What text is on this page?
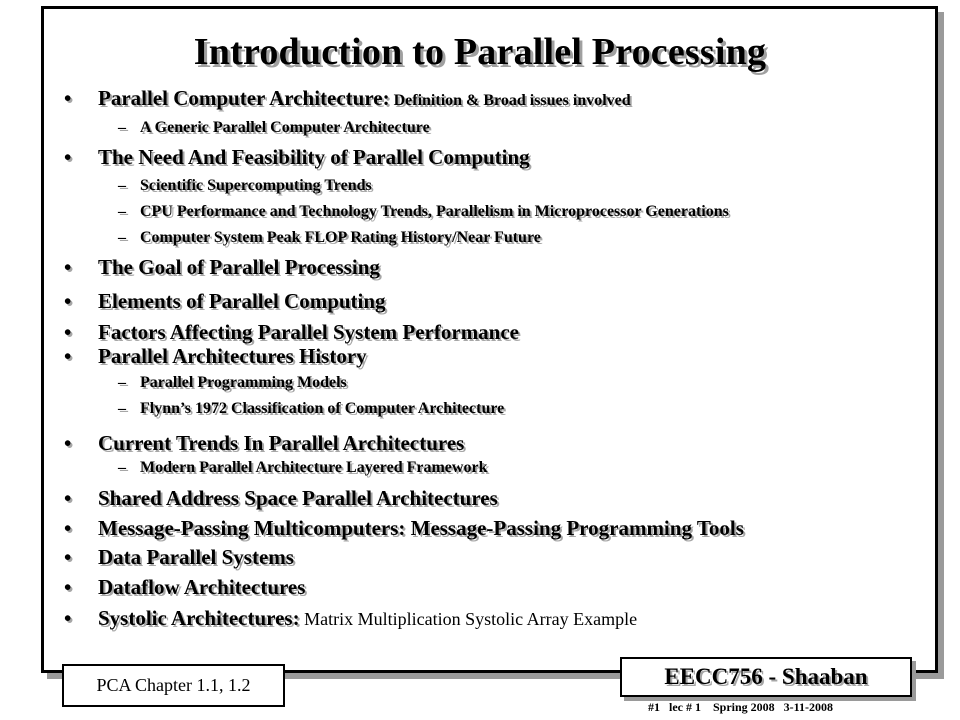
Introduction to Parallel Processing
• Parallel Computer Architecture: Definition & Broad issues involved
– A Generic Parallel Computer Architecture
• The Need And Feasibility of Parallel Computing
– Scientific Supercomputing Trends
– CPU Performance and Technology Trends, Parallelism in Microprocessor Generations
– Computer System Peak FLOP Rating History/Near Future
• The Goal of Parallel Processing
• Elements of Parallel Computing
• Factors Affecting Parallel System Performance
• Parallel Architectures History
– Parallel Programming Models
– Flynn’s 1972 Classification of Computer Architecture
• Current Trends In Parallel Architectures
– Modern Parallel Architecture Layered Framework
• Shared Address Space Parallel Architectures
• Message-Passing Multicomputers: Message-Passing Programming Tools
• Data Parallel Systems
• Dataflow Architectures
• Systolic Architectures: Matrix Multiplication Systolic Array Example
PCA Chapter 1.1, 1.2	EECC756 - Shaaban
#1   lec # 1    Spring 2008   3-11-2008
